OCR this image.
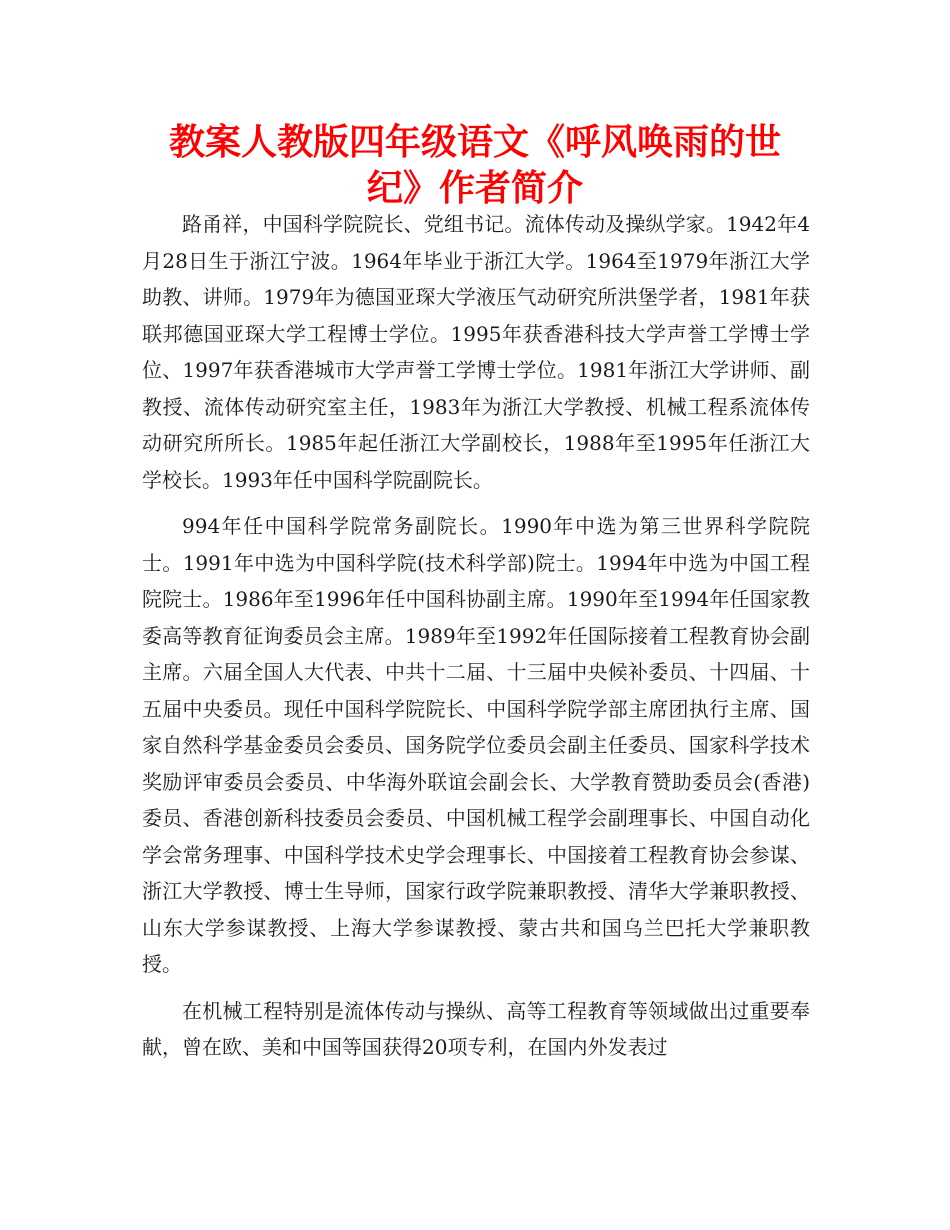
教案人教版四年级语文《呼风唤雨的世
纪》作者简介

路甬祥，中国科学院院长、党组书记。流体传动及操纵学家。1942年4月28日生于浙江宁波。1964年毕业于浙江大学。1964至1979年浙江大学助教、讲师。1979年为德国亚琛大学液压气动研究所洪堡学者，1981年获联邦德国亚琛大学工程博士学位。1995年获香港科技大学声誉工学博士学位、1997年获香港城市大学声誉工学博士学位。1981年浙江大学讲师、副教授、流体传动研究室主任，1983年为浙江大学教授、机械工程系流体传动研究所所长。1985年起任浙江大学副校长，1988年至1995年任浙江大学校长。1993年任中国科学院副院长。

994年任中国科学院常务副院长。1990年中选为第三世界科学院院士。1991年中选为中国科学院(技术科学部)院士。1994年中选为中国工程院院士。1986年至1996年任中国科协副主席。1990年至1994年任国家教委高等教育征询委员会主席。1989年至1992年任国际接着工程教育协会副主席。六届全国人大代表、中共十二届、十三届中央候补委员、十四届、十五届中央委员。现任中国科学院院长、中国科学院学部主席团执行主席、国家自然科学基金委员会委员、国务院学位委员会副主任委员、国家科学技术奖励评审委员会委员、中华海外联谊会副会长、大学教育赞助委员会(香港)委员、香港创新科技委员会委员、中国机械工程学会副理事长、中国自动化学会常务理事、中国科学技术史学会理事长、中国接着工程教育协会参谋、浙江大学教授、博士生导师，国家行政学院兼职教授、清华大学兼职教授、山东大学参谋教授、上海大学参谋教授、蒙古共和国乌兰巴托大学兼职教授。

在机械工程特别是流体传动与操纵、高等工程教育等领域做出过重要奉献，曾在欧、美和中国等国获得20项专利，在国内外发表过
